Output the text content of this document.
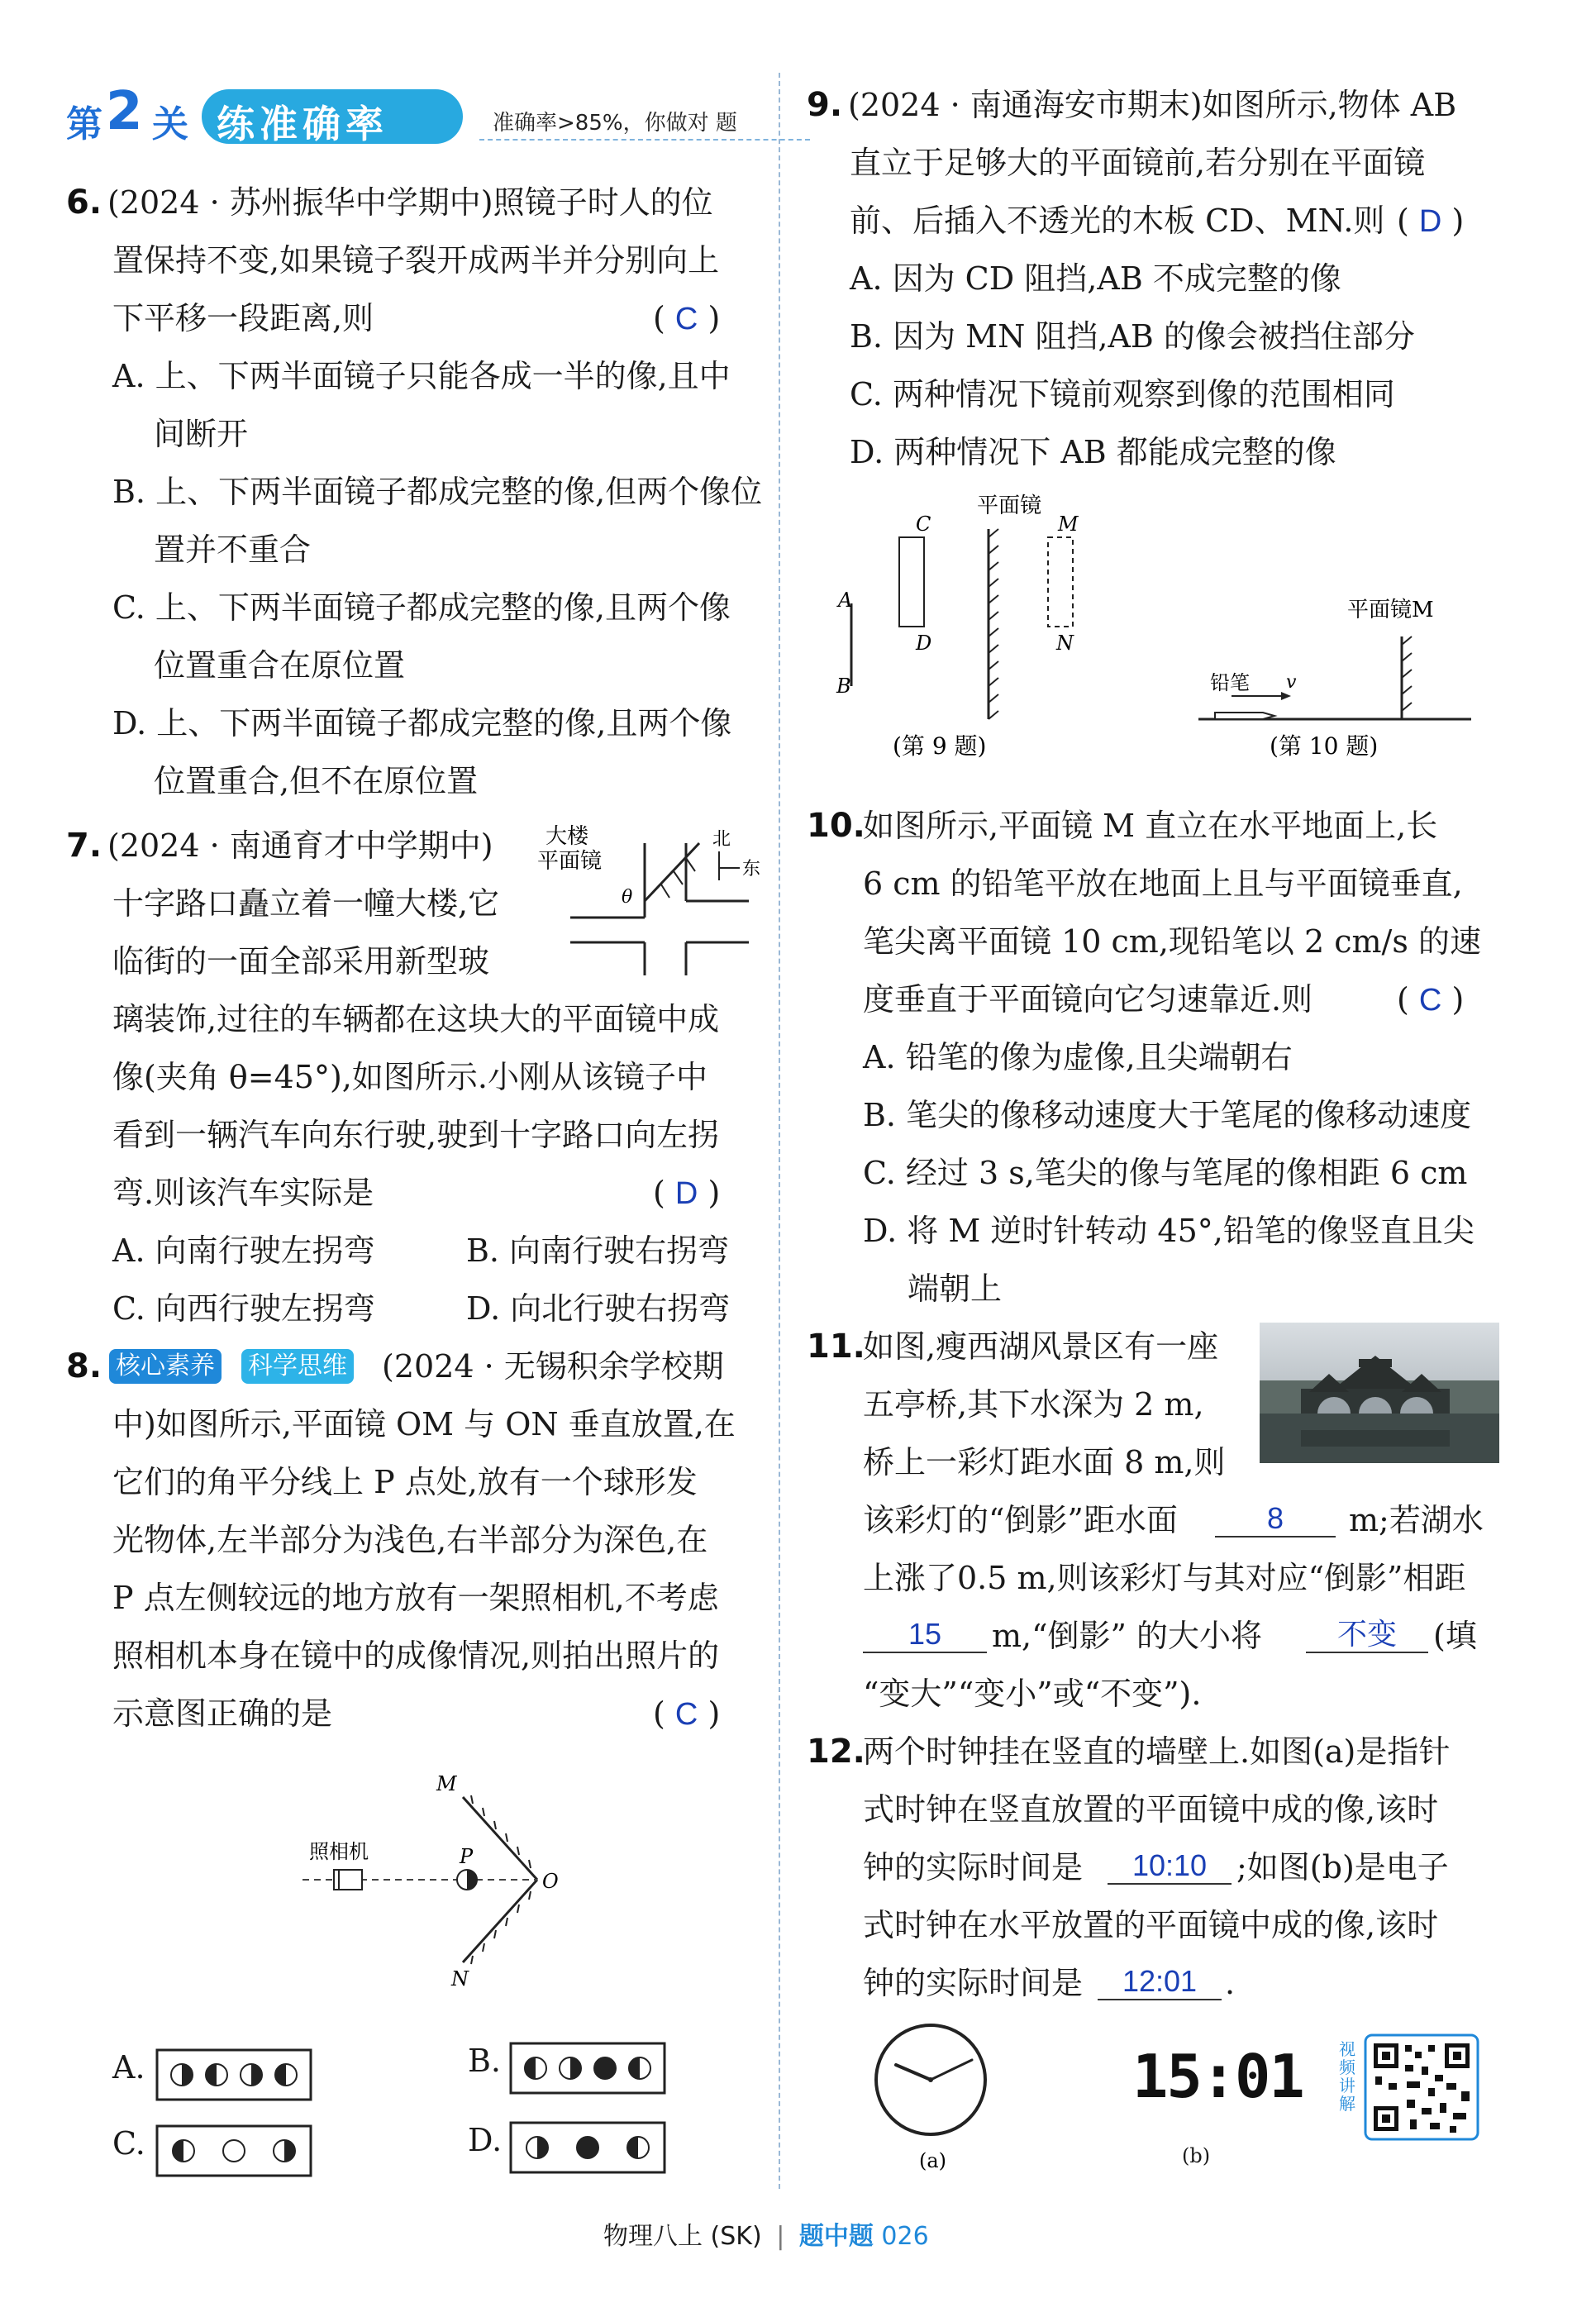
第 2 关 练准确率	准确率>85%，你做对 题
6. (2024 · 苏州振华中学期中)照镜子时人的位
置保持不变,如果镜子裂开成两半并分别向上
下平移一段距离,则	( C )
A. 上、下两半面镜子只能各成一半的像,且中
间断开
B. 上、下两半面镜子都成完整的像,但两个像位
置并不重合
C. 上、下两半面镜子都成完整的像,且两个像
位置重合在原位置
D. 上、下两半面镜子都成完整的像,且两个像
位置重合,但不在原位置
7. (2024 · 南通育才中学期中)
十字路口矗立着一幢大楼,它
临街的一面全部采用新型玻
璃装饰,过往的车辆都在这块大的平面镜中成
像(夹角 θ=45°),如图所示.小刚从该镜子中
看到一辆汽车向东行驶,驶到十字路口向左拐
弯.则该汽车实际是	( D )
A. 向南行驶左拐弯	B. 向南行驶右拐弯
C. 向西行驶左拐弯	D. 向北行驶右拐弯
大楼
平面镜
θ
北
东
8. 核心素养 科学思维 (2024 · 无锡积余学校期
中)如图所示,平面镜 OM 与 ON 垂直放置,在
它们的角平分线上 P 点处,放有一个球形发
光物体,左半部分为浅色,右半部分为深色,在
P 点左侧较远的地方放有一架照相机,不考虑
照相机本身在镜中的成像情况,则拍出照片的
示意图正确的是	( C )
照相机
M
N
O
P
A.	B.
C.	D.
9. (2024 · 南通海安市期末)如图所示,物体 AB
直立于足够大的平面镜前,若分别在平面镜
前、后插入不透光的木板 CD、MN.则 ( D )
A. 因为 CD 阻挡,AB 不成完整的像
B. 因为 MN 阻挡,AB 的像会被挡住部分
C. 两种情况下镜前观察到像的范围相同
D. 两种情况下 AB 都能成完整的像
平面镜
A
B
C
D
M
N
(第 9 题)
平面镜M
铅笔 v
(第 10 题)
10.
如图所示,平面镜 M 直立在水平地面上,长
6 cm 的铅笔平放在地面上且与平面镜垂直,
笔尖离平面镜 10 cm,现铅笔以 2 cm/s 的速
度垂直于平面镜向它匀速靠近.则	( C )
A. 铅笔的像为虚像,且尖端朝右
B. 笔尖的像移动速度大于笔尾的像移动速度
C. 经过 3 s,笔尖的像与笔尾的像相距 6 cm
D. 将 M 逆时针转动 45°,铅笔的像竖直且尖
端朝上
11.
如图,瘦西湖风景区有一座
五亭桥,其下水深为 2 m,
桥上一彩灯距水面 8 m,则
该彩灯的“倒影”距水面	8	m;若湖水
上涨了0.5 m,则该彩灯与其对应“倒影”相距
15	m,“倒影” 的大小将	不变	(填
“变大”“变小”或“不变”).
12.
两个时钟挂在竖直的墙壁上.如图(a)是指针
式时钟在竖直放置的平面镜中成的像,该时
钟的实际时间是	10:10 ;如图(b)是电子
式时钟在水平放置的平面镜中成的像,该时
钟的实际时间是	12:01 .
(a)
15:01
(b)
视频讲解
物理八上 (SK) | 题中题 026
